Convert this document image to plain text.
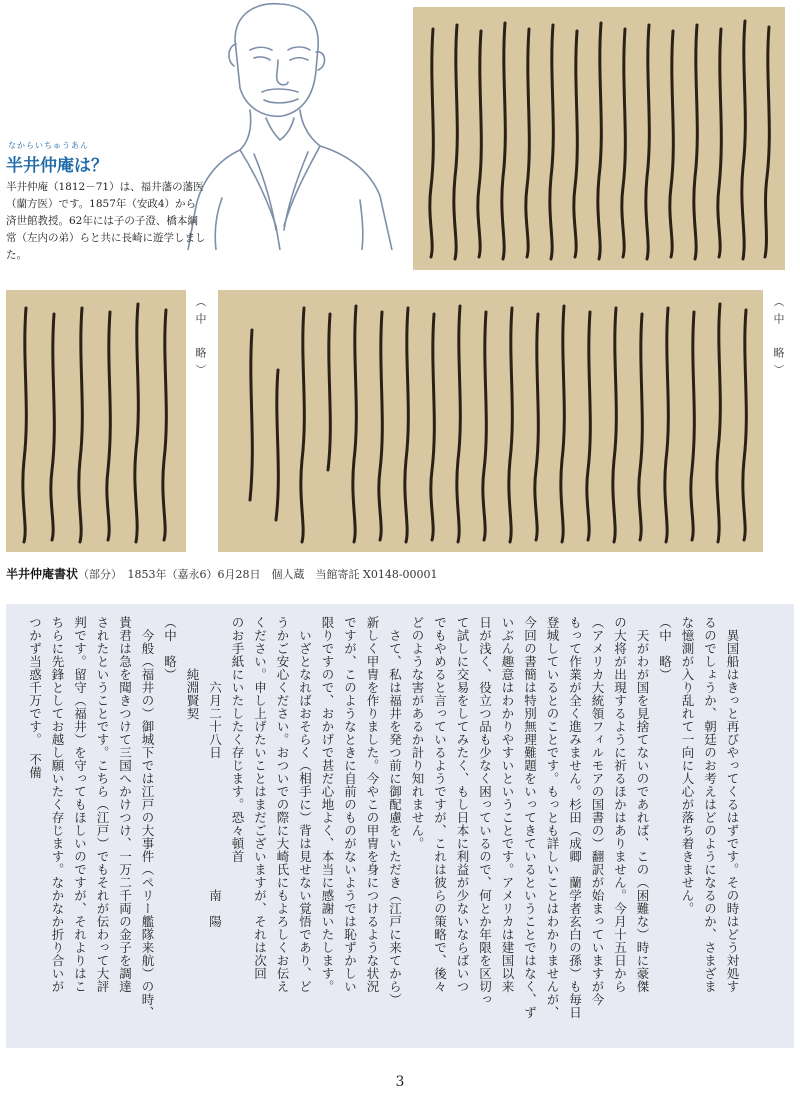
なからいちゅうあん
半井仲庵は？

半井仲庵（1812－71）は、福井藩の藩医（蘭方医）です。1857年（安政4）から済世館教授。62年には子の子澄、橋本綱常（左内の弟）らと共に長崎に遊学しました。

（中　略）	（中　略）
半井仲庵書状（部分）　1853年（嘉永6）6月28日　個人蔵　当館寄託 X0148-00001
　異国船はきっと再びやってくるはずです。その時はどう対処す
るのでしょうか、朝廷のお考えはどのようになるのか、さまざま
な憶測が入り乱れて一向に人心が落ち着きません。
（中　略）
　天がわが国を見捨てないのであれば、この（困難な）時に豪傑
の大将が出現するように祈るほかはありません。今月十五日から
（アメリカ大統領フィルモアの国書の）翻訳が始まっていますが今
もって作業が全く進みません。杉田（成卿　蘭学者玄白の孫）も毎日
登城しているとのことです。もっとも詳しいことはわかりませんが、
今回の書簡は特別無理難題をいってきているということではなく、ず
いぶん趣意はわかりやすいということです。アメリカは建国以来
日が浅く、役立つ品も少なく困っているので、何とか年限を区切っ
て試しに交易をしてみたく、もし日本に利益が少ないならばいつ
でもやめると言っているようですが、これは彼らの策略で、後々
どのような害があるか計り知れません。
　さて、私は福井を発つ前に御配慮をいただき（江戸に来てから）
新しく甲冑を作りました。今やこの甲冑を身につけるような状況
ですが、このようなときに自前のものがないようでは恥ずかしい
限りですので、おかげで甚だ心地よく、本当に感謝いたします。
　いざとなればおそらく（相手に）背は見せない覚悟であり、ど
うかご安心ください。おついでの際に大崎氏にもよろしくお伝え
ください。申し上げたいことはまだございますが、それは次回
のお手紙にいたしたく存じます。恐々頓首
　　　　　六月二十八日　　　　　　　　　　南　陽
　　　　純淵賢契
（中　略）
　今般（福井の）御城下では江戸の大事件（ペリー艦隊来航）の時、
貴君は急を聞きつけて三国へかけつけ、一万二千両の金子を調達
されたということです。こちら（江戸）でもそれが伝わって大評
判です。留守（福井）を守ってもほしいのですが、それよりはこ
ちらに先鋒としてお越し願いたく存じます。なかなか折り合いが
つかず当惑千万です。　不備
3
